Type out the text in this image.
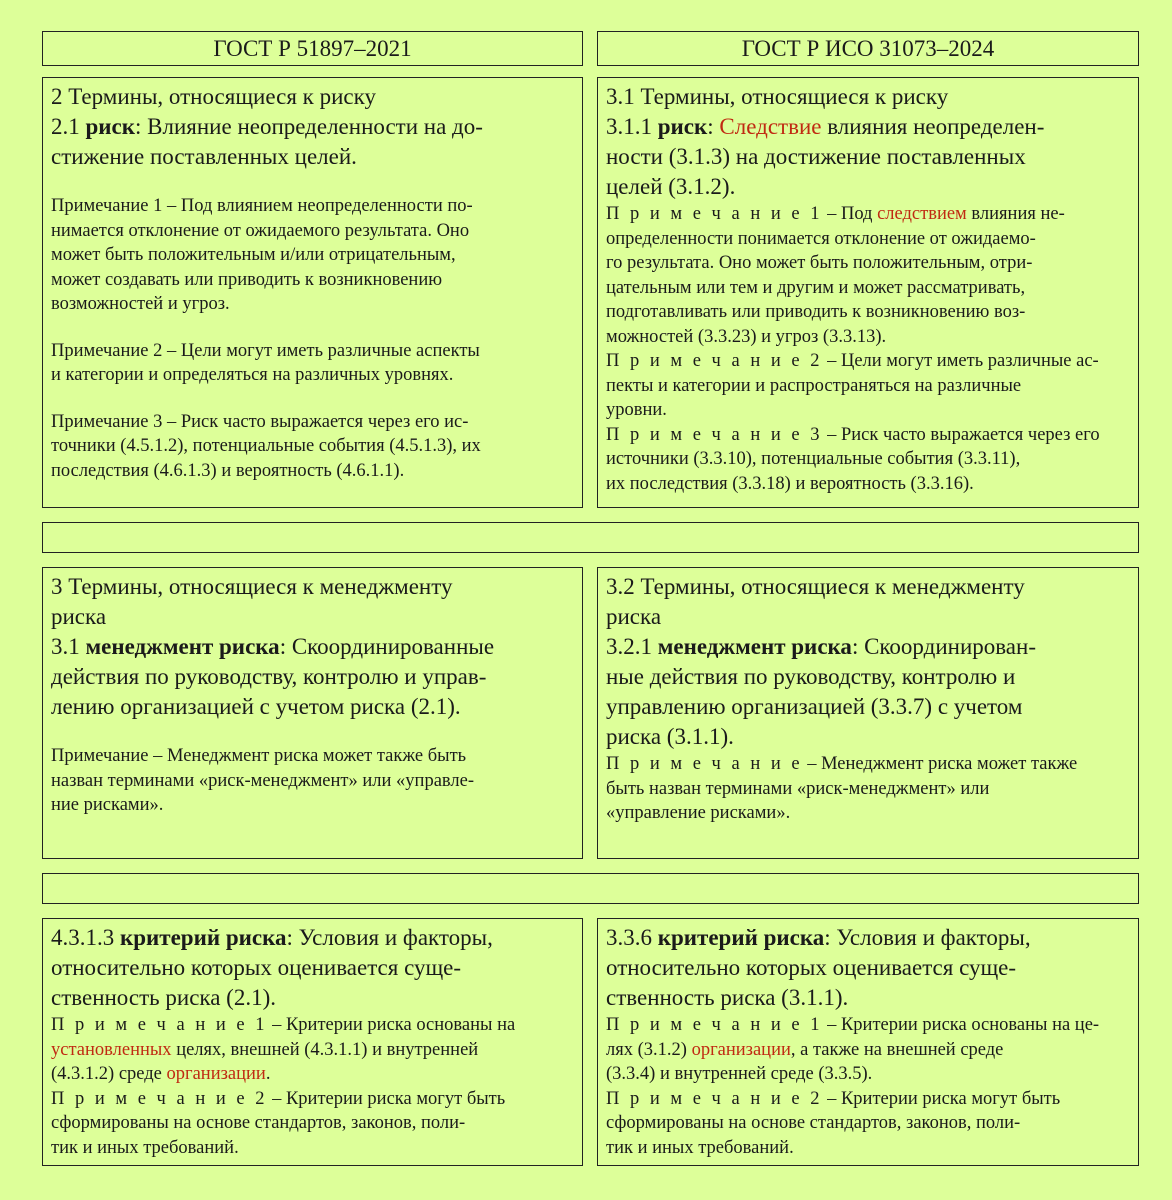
ГОСТ Р 51897–2021	ГОСТ Р ИСО 31073–2024

2 Термины, относящиеся к риску

2.1 риск: Влияние неопределенности на до-
стижение поставленных целей.

Примечание 1 – Под влиянием неопределенности по-
нимается отклонение от ожидаемого результата. Оно
может быть положительным и/или отрицательным,
может создавать или приводить к возникновению
возможностей и угроз.

Примечание 2 – Цели могут иметь различные аспекты
и категории и определяться на различных уровнях.

Примечание 3 – Риск часто выражается через его ис-
точники (4.5.1.2), потенциальные события (4.5.1.3), их
последствия (4.6.1.3) и вероятность (4.6.1.1).

3.1 Термины, относящиеся к риску

3.1.1 риск: Следствие влияния неопределен-
ности (3.1.3) на достижение поставленных
целей (3.1.2).

П р и м е ч а н и е 1 – Под следствием влияния не-
определенности понимается отклонение от ожидаемо-
го результата. Оно может быть положительным, отри-
цательным или тем и другим и может рассматривать,
подготавливать или приводить к возникновению воз-
можностей (3.3.23) и угроз (3.3.13).

П р и м е ч а н и е 2 – Цели могут иметь различные ас-
пекты и категории и распространяться на различные
уровни.

П р и м е ч а н и е 3 – Риск часто выражается через его
источники (3.3.10), потенциальные события (3.3.11),
их последствия (3.3.18) и вероятность (3.3.16).

3 Термины, относящиеся к менеджменту
риска

3.1 менеджмент риска: Скоординированные
действия по руководству, контролю и управ-
лению организацией с учетом риска (2.1).

Примечание – Менеджмент риска может также быть
назван терминами «риск-менеджмент» или «управле-
ние рисками».

3.2 Термины, относящиеся к менеджменту
риска

3.2.1 менеджмент риска: Скоординирован-
ные действия по руководству, контролю и
управлению организацией (3.3.7) с учетом
риска (3.1.1).

П р и м е ч а н и е – Менеджмент риска может также
быть назван терминами «риск-менеджмент» или
«управление рисками».

4.3.1.3 критерий риска: Условия и факторы,
относительно которых оценивается суще-
ственность риска (2.1).

П р и м е ч а н и е 1 – Критерии риска основаны на
установленных целях, внешней (4.3.1.1) и внутренней
(4.3.1.2) среде организации.

П р и м е ч а н и е 2 – Критерии риска могут быть
сформированы на основе стандартов, законов, поли-
тик и иных требований.

3.3.6 критерий риска: Условия и факторы,
относительно которых оценивается суще-
ственность риска (3.1.1).

П р и м е ч а н и е 1 – Критерии риска основаны на це-
лях (3.1.2) организации, а также на внешней среде
(3.3.4) и внутренней среде (3.3.5).

П р и м е ч а н и е 2 – Критерии риска могут быть
сформированы на основе стандартов, законов, поли-
тик и иных требований.
